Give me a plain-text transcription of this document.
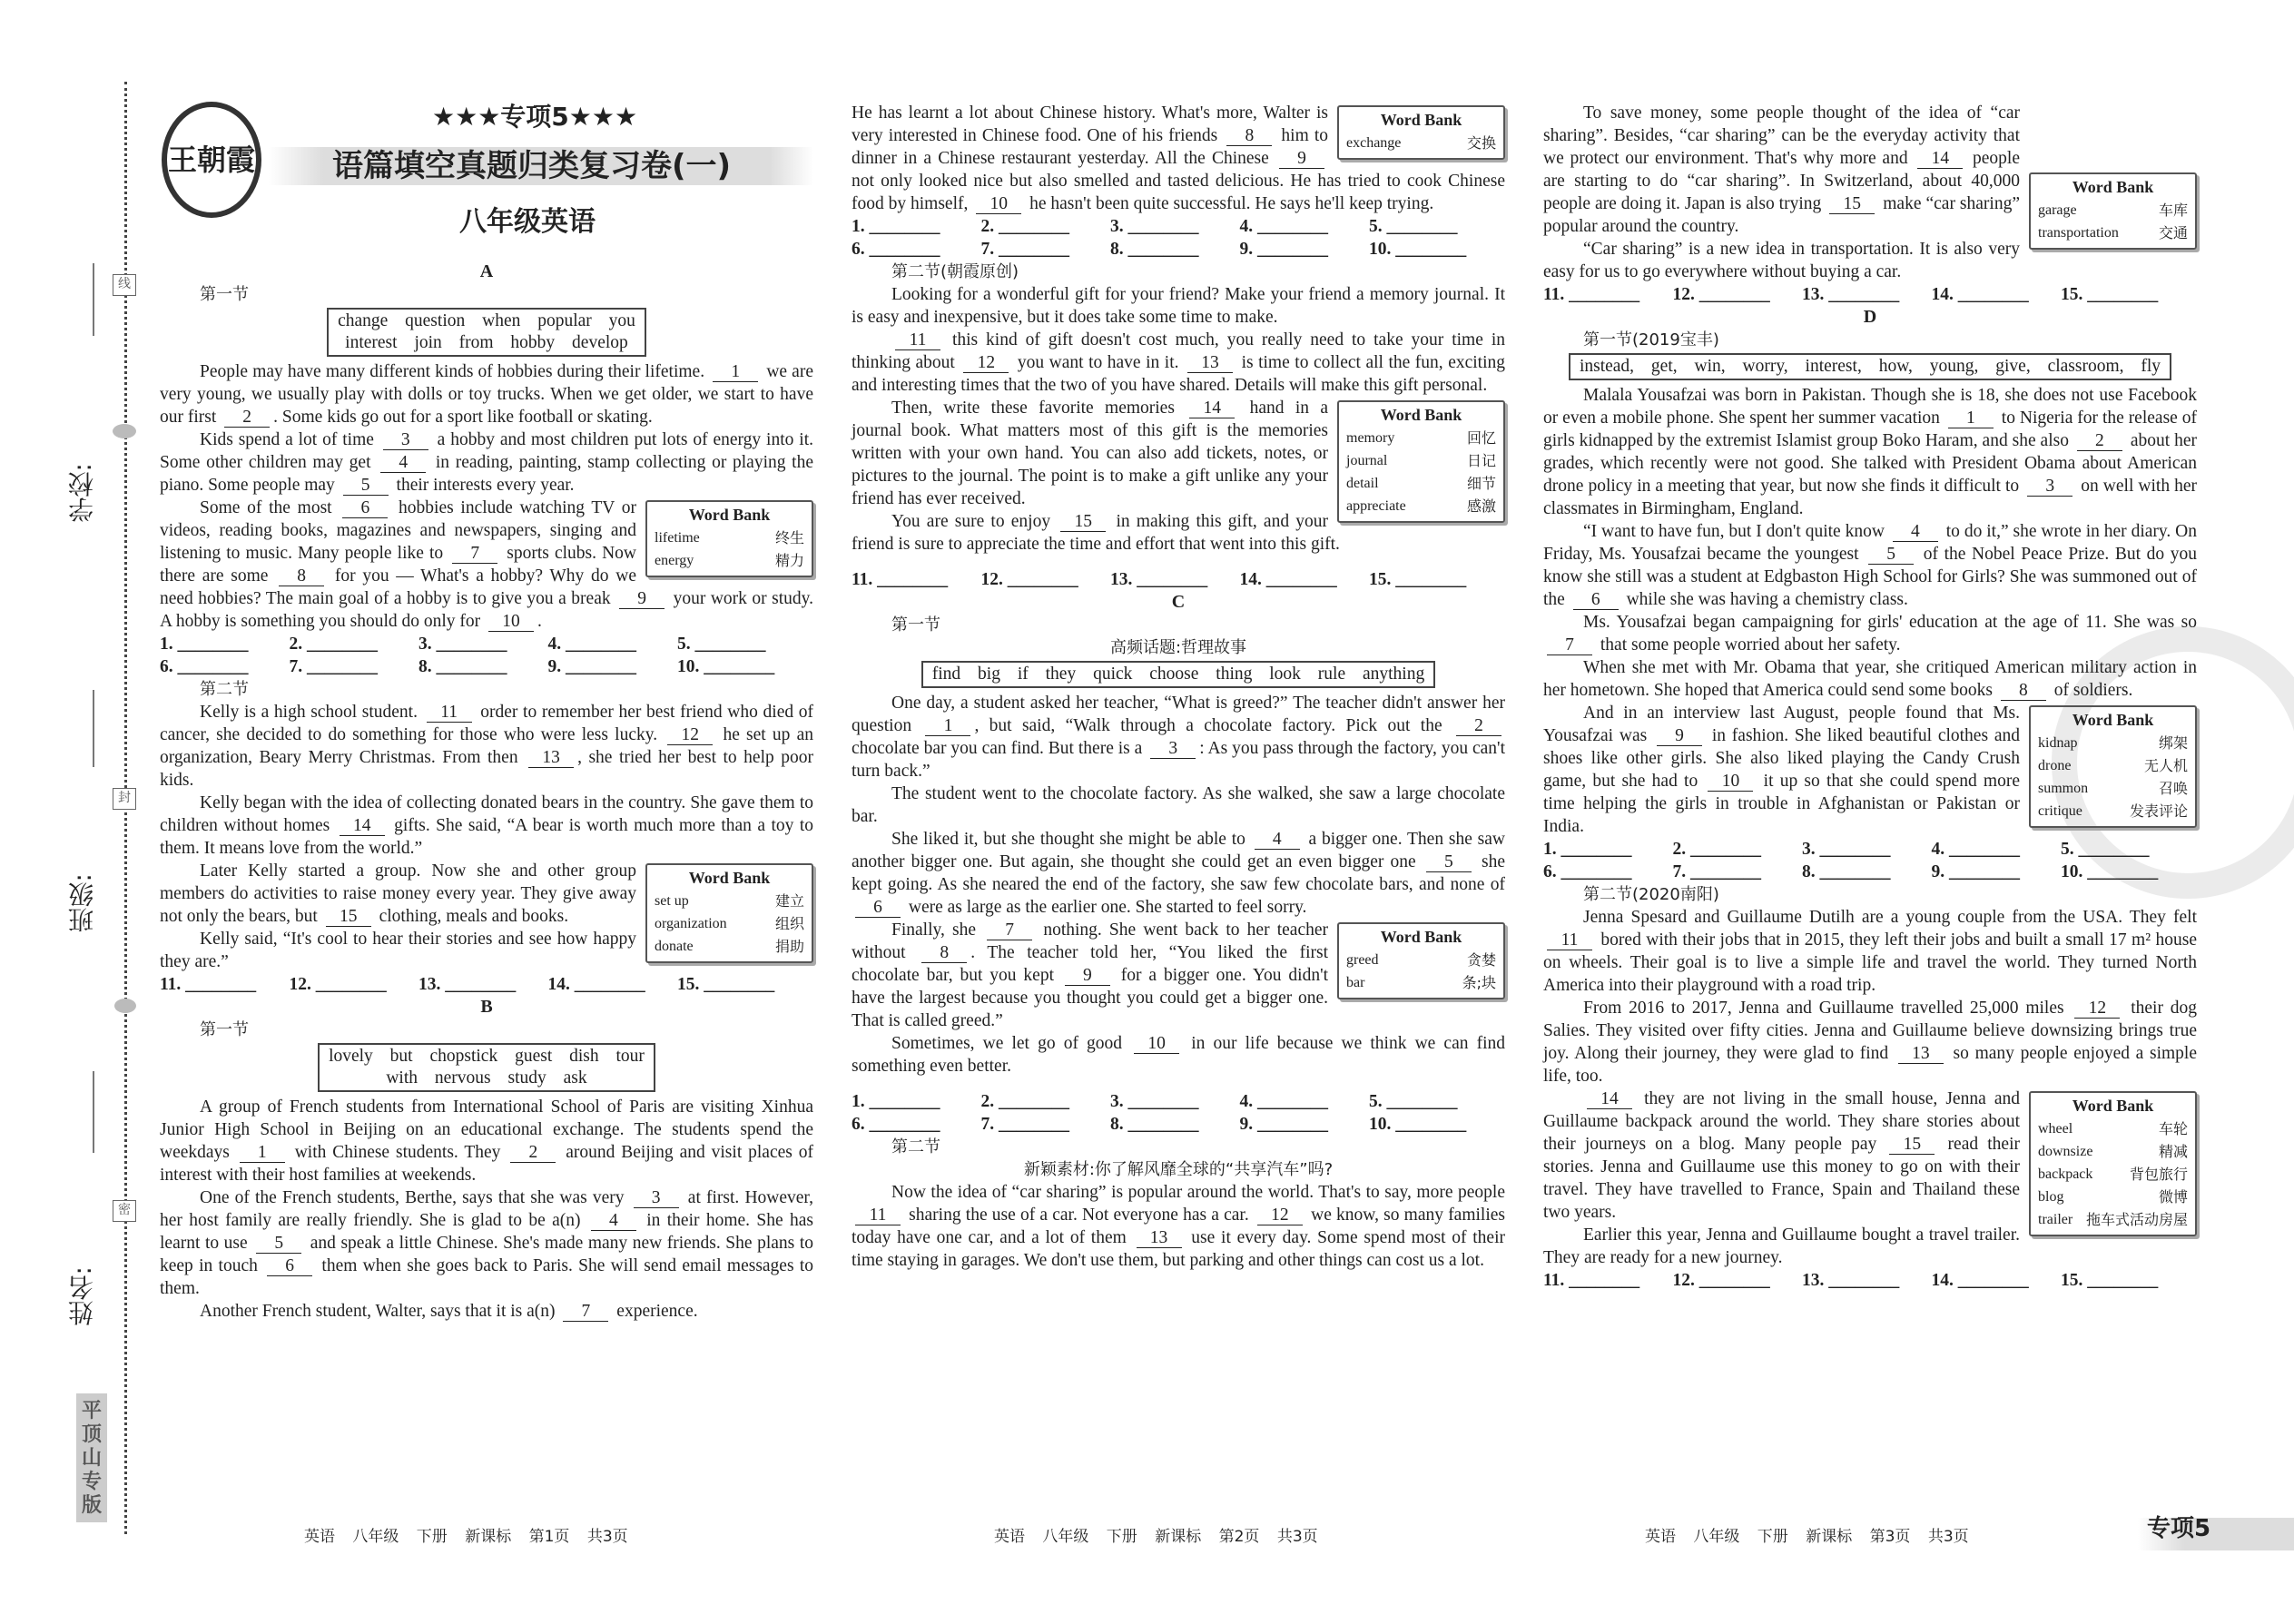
线
封
密
学校:
班级:
姓名:
平顶山专版
王朝霞
★★★专项5★★★
语篇填空真题归类复习卷(一)
八年级英语
A
第一节
change question when popular you
interest join from hobby develop

People may have many different kinds of hobbies during their lifetime. 1 we are very young, we usually play with dolls or toy trucks. When we get older, we start to have our first 2 . Some kids go out for a sport like football or skating.

Kids spend a lot of time 3 a hobby and most children put lots of energy into it. Some other children may get 4 in reading, painting, stamp collecting or playing the piano. Some people may 5 their interests every year.

Word Bank
lifetime	终生
energy	精力

Some of the most 6 hobbies include watching TV or videos, reading books, magazines and newspapers, singing and listening to music. Many people like to 7 sports clubs. Now there are some 8 for you — What's a hobby? Why do we need hobbies? The main goal of a hobby is to give you a break 9 your work or study. A hobby is something you should do only for 10 .

1. ________	2. ________	3. ________	4. ________	5. ________
6. ________	7. ________	8. ________	9. ________	10. ________
第二节

Kelly is a high school student. 11 order to remember her best friend who died of cancer, she decided to do something for those who were less lucky. 12 he set up an organization, Beary Merry Christmas. From then 13 , she tried her best to help poor kids.

Kelly began with the idea of collecting donated bears in the country. She gave them to children without homes 14 gifts. She said, “A bear is worth much more than a toy to them. It means love from the world.”

Word Bank
set up	建立
organization	组织
donate	捐助

Later Kelly started a group. Now she and other group members do activities to raise money every year. They give away not only the bears, but 15 clothing, meals and books.

Kelly said, “It's cool to hear their stories and see how happy they are.”

11. ________	12. ________	13. ________	14. ________	15. ________
B
第一节
lovely but chopstick guest dish tour
with nervous study ask

A group of French students from International School of Paris are visiting Xinhua Junior High School in Beijing on an educational exchange. The students spend the weekdays 1 with Chinese students. They 2 around Beijing and visit places of interest with their host families at weekends.

One of the French students, Berthe, says that she was very 3 at first. However, her host family are really friendly. She is glad to be a(n) 4 in their home. She has learnt to use 5 and speak a little Chinese. She's made many new friends. She plans to keep in touch 6 them when she goes back to Paris. She will send email messages to them.

Another French student, Walter, says that it is a(n) 7 experience.

Word Bank
exchange	交换

He has learnt a lot about Chinese history. What's more, Walter is very interested in Chinese food. One of his friends 8 him to dinner in a Chinese restaurant yesterday. All the Chinese 9 not only looked nice but also smelled and tasted delicious. He has tried to cook Chinese food by himself, 10 he hasn't been quite successful. He says he'll keep trying.

1. ________	2. ________	3. ________	4. ________	5. ________
6. ________	7. ________	8. ________	9. ________	10. ________
第二节(朝霞原创)

Looking for a wonderful gift for your friend? Make your friend a memory journal. It is easy and inexpensive, but it does take some time to make.

11 this kind of gift doesn't cost much, you really need to take your time in thinking about 12 you want to have in it. 13 is time to collect all the fun, exciting and interesting times that the two of you have shared. Details will make this gift personal.

Word Bank
memory	回忆
journal	日记
detail	细节
appreciate	感激

Then, write these favorite memories 14 hand in a journal book. What matters most of this gift is the memories written with your own hand. You can also add tickets, notes, or pictures to the journal. The point is to make a gift unlike any your friend has ever received.

You are sure to enjoy 15 in making this gift, and your friend is sure to appreciate the time and effort that went into this gift.

11. ________	12. ________	13. ________	14. ________	15. ________
C
第一节
高频话题:哲理故事
find big if they quick choose thing look rule anything

One day, a student asked her teacher, “What is greed?” The teacher didn't answer her question 1 , but said, “Walk through a chocolate factory. Pick out the 2 chocolate bar you can find. But there is a 3 : As you pass through the factory, you can't turn back.”

The student went to the chocolate factory. As she walked, she saw a large chocolate bar.

She liked it, but she thought she might be able to 4 a bigger one. Then she saw another bigger one. But again, she thought she could get an even bigger one 5 she kept going. As she neared the end of the factory, she saw few chocolate bars, and none of 6 were as large as the earlier one. She started to feel sorry.

Word Bank
greed	贪婪
bar	条;块

Finally, she 7 nothing. She went back to her teacher without 8 . The teacher told her, “You liked the first chocolate bar, but you kept 9 for a bigger one. You didn't have the largest because you thought you could get a bigger one. That is called greed.”

Sometimes, we let go of good 10 in our life because we think we can find something even better.

1. ________	2. ________	3. ________	4. ________	5. ________
6. ________	7. ________	8. ________	9. ________	10. ________
第二节
新颖素材:你了解风靡全球的“共享汽车”吗?

Now the idea of “car sharing” is popular around the world. That's to say, more people 11 sharing the use of a car. Not everyone has a car. 12 we know, so many families today have one car, and a lot of them 13 use it every day. Some spend most of their time staying in garages. We don't use them, but parking and other things can cost us a lot.

Word Bank
garage	车库
transportation	交通

To save money, some people thought of the idea of “car sharing”. Besides, “car sharing” can be the everyday activity that we protect our environment. That's why more and 14 people are starting to do “car sharing”. In Switzerland, about 40,000 people are doing it. Japan is also trying 15 make “car sharing” popular around the country.

“Car sharing” is a new idea in transportation. It is also very easy for us to go everywhere without buying a car.

11. ________	12. ________	13. ________	14. ________	15. ________
D
第一节(2019宝丰)
instead, get, win, worry, interest, how, young, give, classroom, fly

Malala Yousafzai was born in Pakistan. Though she is 18, she does not use Facebook or even a mobile phone. She spent her summer vacation 1 to Nigeria for the release of girls kidnapped by the extremist Islamist group Boko Haram, and she also 2 about her grades, which recently were not good. She talked with President Obama about American drone policy in a meeting that year, but now she finds it difficult to 3 on well with her classmates in Birmingham, England.

“I want to have fun, but I don't quite know 4 to do it,” she wrote in her diary. On Friday, Ms. Yousafzai became the youngest 5 of the Nobel Peace Prize. But do you know she still was a student at Edgbaston High School for Girls? She was summoned out of the 6 while she was having a chemistry class.

Ms. Yousafzai began campaigning for girls' education at the age of 11. She was so 7 that some people worried about her safety.

When she met with Mr. Obama that year, she critiqued American military action in her hometown. She hoped that America could send some books 8 of soldiers.

Word Bank
kidnap	绑架
drone	无人机
summon	召唤
critique	发表评论

And in an interview last August, people found that Ms. Yousafzai was 9 in fashion. She liked beautiful clothes and shoes like other girls. She also liked playing the Candy Crush game, but she had to 10 it up so that she could spend more time helping the girls in trouble in Afghanistan or Pakistan or India.

1. ________	2. ________	3. ________	4. ________	5. ________
6. ________	7. ________	8. ________	9. ________	10. ________
第二节(2020南阳)

Jenna Spesard and Guillaume Dutilh are a young couple from the USA. They felt 11 bored with their jobs that in 2015, they left their jobs and built a small 17 m² house on wheels. Their goal is to live a simple life and travel the world. They turned North America into their playground with a road trip.

From 2016 to 2017, Jenna and Guillaume travelled 25,000 miles 12 their dog Salies. They visited over fifty cities. Jenna and Guillaume believe downsizing brings true joy. Along their journey, they were glad to find 13 so many people enjoyed a simple life, too.

Word Bank
wheel	车轮
downsize	精减
backpack	背包旅行
blog	微博
trailer 拖车式活动房屋

14 they are not living in the small house, Jenna and Guillaume backpack around the world. They share stories about their journeys on a blog. Many people pay 15 read their stories. Jenna and Guillaume use this money to go on with their travel. They have travelled to France, Spain and Thailand these two years.

Earlier this year, Jenna and Guillaume bought a travel trailer. They are ready for a new journey.

11. ________	12. ________	13. ________	14. ________	15. ________
英语 八年级 下册 新课标 第1页 共3页	英语 八年级 下册 新课标 第2页 共3页	英语 八年级 下册 新课标 第3页 共3页	专项5
